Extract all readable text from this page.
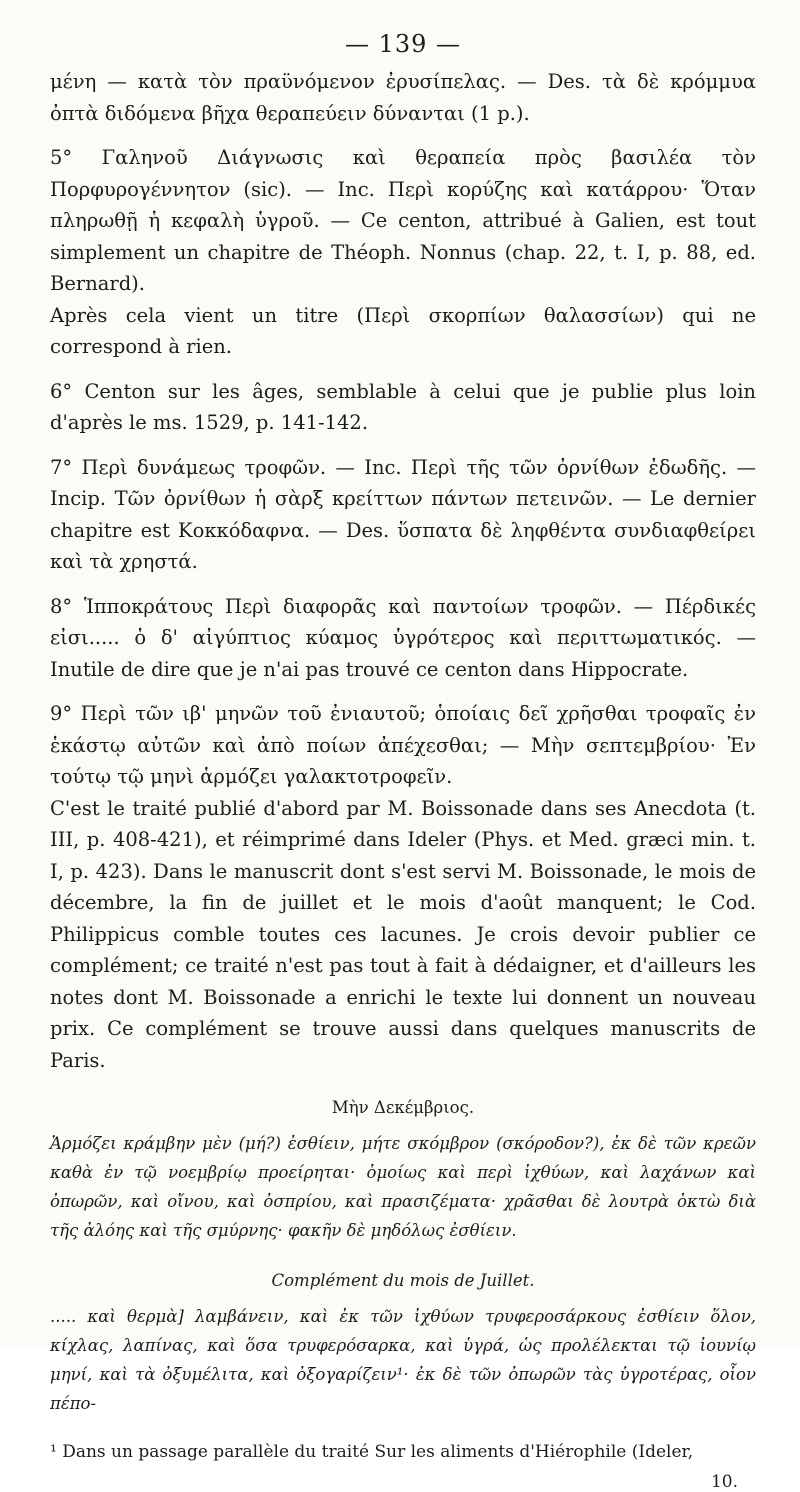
— 139 —

μένη — κατὰ τὸν πραϋνόμενον ἐρυσίπελας. — Des. τὰ δὲ κρόμμυα ὀπτὰ διδόμενα βῆχα θεραπεύειν δύνανται (1 p.).

5° Γαληνοῦ Διάγνωσις καὶ θεραπεία πρὸς βασιλέα τὸν Πορφυρογέννητον (sic). — Inc. Περὶ κορύζης καὶ κατάρρου· Ὅταν πληρωθῇ ἡ κεφαλὴ ὑγροῦ. — Ce centon, attribué à Galien, est tout simplement un chapitre de Théoph. Nonnus (chap. 22, t. I, p. 88, ed. Bernard).

Après cela vient un titre (Περὶ σκορπίων θαλασσίων) qui ne correspond à rien.

6° Centon sur les âges, semblable à celui que je publie plus loin d'après le ms. 1529, p. 141-142.

7° Περὶ δυνάμεως τροφῶν. — Inc. Περὶ τῆς τῶν ὀρνίθων ἐδωδῆς. — Incip. Τῶν ὀρνίθων ἡ σὰρξ κρείττων πάντων πετεινῶν. — Le dernier chapitre est Κοκκόδαφνα. — Des. ὕσπατα δὲ ληφθέντα συνδιαφθείρει καὶ τὰ χρηστά.

8° Ἱπποκράτους Περὶ διαφορᾶς καὶ παντοίων τροφῶν. — Πέρδικές εἰσι..... ὁ δ' αἰγύπτιος κύαμος ὑγρότερος καὶ περιττωματικός. — Inutile de dire que je n'ai pas trouvé ce centon dans Hippocrate.

9° Περὶ τῶν ιβ' μηνῶν τοῦ ἐνιαυτοῦ; ὁποίαις δεῖ χρῆσθαι τροφαῖς ἐν ἑκάστῳ αὐτῶν καὶ ἀπὸ ποίων ἀπέχεσθαι; — Μὴν σεπτεμβρίου· Ἐν τούτῳ τῷ μηνὶ ἁρμόζει γαλακτοτροφεῖν.

C'est le traité publié d'abord par M. Boissonade dans ses Anecdota (t. III, p. 408-421), et réimprimé dans Ideler (Phys. et Med. græci min. t. I, p. 423). Dans le manuscrit dont s'est servi M. Boissonade, le mois de décembre, la fin de juillet et le mois d'août manquent; le Cod. Philippicus comble toutes ces lacunes. Je crois devoir publier ce complément; ce traité n'est pas tout à fait à dédaigner, et d'ailleurs les notes dont M. Boissonade a enrichi le texte lui donnent un nouveau prix. Ce complément se trouve aussi dans quelques manuscrits de Paris.

Μὴν Δεκέμβριος.

Ἁρμόζει κράμβην μὲν (μή?) ἐσθίειν, μήτε σκόμβρον (σκόροδον?), ἐκ δὲ τῶν κρεῶν καθὰ ἐν τῷ νοεμβρίῳ προείρηται· ὁμοίως καὶ περὶ ἰχθύων, καὶ λαχάνων καὶ ὀπωρῶν, καὶ οἴνου, καὶ ὀσπρίου, καὶ πρασιζέματα· χρᾶσθαι δὲ λουτρὰ ὀκτὼ διὰ τῆς ἀλόης καὶ τῆς σμύρνης· φακῆν δὲ μηδόλως ἐσθίειν.

Complément du mois de Juillet.

..... καὶ θερμὰ] λαμβάνειν, καὶ ἐκ τῶν ἰχθύων τρυφεροσάρκους ἐσθίειν ὅλον, κίχλας, λαπίνας, καὶ ὅσα τρυφερόσαρκα, καὶ ὑγρά, ὡς προλέλεκται τῷ ἰουνίῳ μηνί, καὶ τὰ ὀξυμέλιτα, καὶ ὀξογαρίζειν¹· ἐκ δὲ τῶν ὀπωρῶν τὰς ὑγροτέρας, οἷον πέπο-

¹ Dans un passage parallèle du traité Sur les aliments d'Hiérophile (Ideler,

10.
